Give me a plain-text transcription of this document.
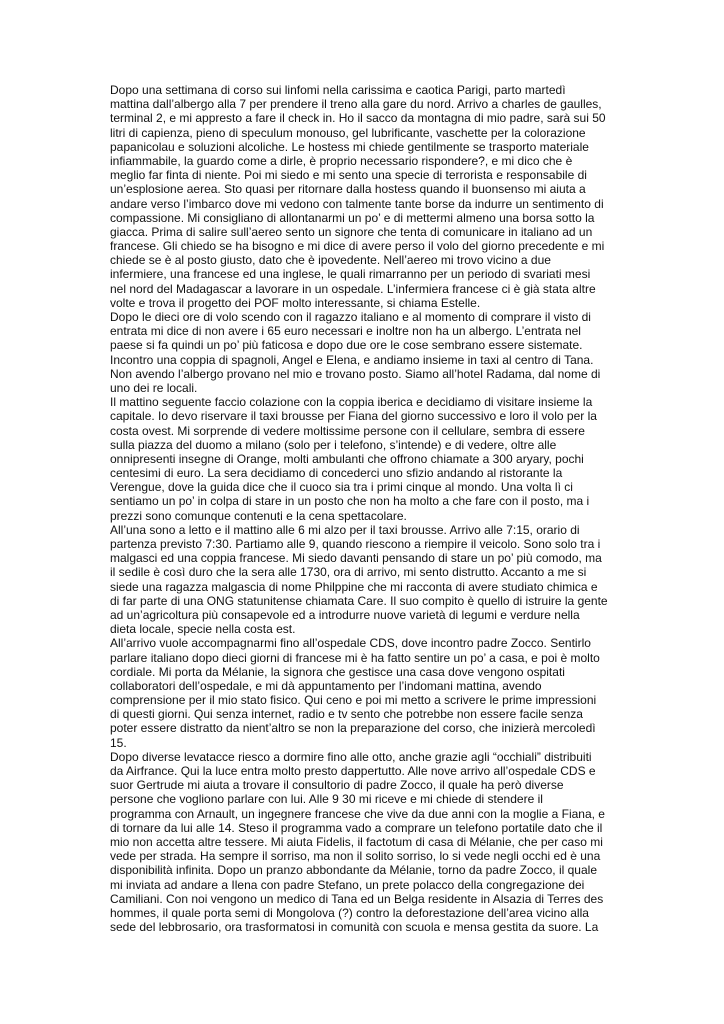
Dopo una settimana di corso sui linfomi nella carissima e caotica Parigi, parto martedì
mattina dall’albergo alla 7 per prendere il treno alla gare du nord. Arrivo a charles de gaulles,
terminal 2, e mi appresto a fare il check in. Ho il sacco da montagna di mio padre, sarà sui 50
litri di capienza, pieno di speculum monouso, gel lubrificante, vaschette per la colorazione
papanicolau e soluzioni alcoliche. Le hostess mi chiede gentilmente se trasporto materiale
infiammabile, la guardo come a dirle, è proprio necessario rispondere?, e mi dico che è
meglio far finta di niente. Poi mi siedo e mi sento una specie di terrorista e responsabile di
un’esplosione aerea. Sto quasi per ritornare dalla hostess quando il buonsenso mi aiuta a
andare verso l’imbarco dove mi vedono con talmente tante borse da indurre un sentimento di
compassione. Mi consigliano di allontanarmi un po’ e di mettermi almeno una borsa sotto la
giacca. Prima di salire sull’aereo sento un signore che tenta di comunicare in italiano ad un
francese. Gli chiedo se ha bisogno e mi dice di avere perso il volo del giorno precedente e mi
chiede se è al posto giusto, dato che è ipovedente. Nell’aereo mi trovo vicino a due
infermiere, una francese ed una inglese, le quali rimarranno per un periodo di svariati mesi
nel nord del Madagascar a lavorare in un ospedale. L’infermiera francese ci è già stata altre
volte e trova il progetto dei POF molto interessante, si chiama Estelle.
Dopo le dieci ore di volo scendo con il ragazzo italiano e al momento di comprare il visto di
entrata mi dice di non avere i 65 euro necessari e inoltre non ha un albergo. L’entrata nel
paese si fa quindi un po’ più faticosa e dopo due ore le cose sembrano essere sistemate.
Incontro una coppia di spagnoli, Angel e Elena, e andiamo insieme in taxi al centro di Tana.
Non avendo l’albergo provano nel mio e trovano posto. Siamo all’hotel Radama, dal nome di
uno dei re locali.
Il mattino seguente faccio colazione con la coppia iberica e decidiamo di visitare insieme la
capitale. Io devo riservare il taxi brousse per Fiana del giorno successivo e loro il volo per la
costa ovest. Mi sorprende di vedere moltissime persone con il cellulare, sembra di essere
sulla piazza del duomo a milano (solo per i telefono, s’intende) e di vedere, oltre alle
onnipresenti insegne di Orange, molti ambulanti che offrono chiamate a 300 aryary, pochi
centesimi di euro. La sera decidiamo di concederci uno sfizio andando al ristorante la
Verengue, dove la guida dice che il cuoco sia tra i primi cinque al mondo. Una volta lì ci
sentiamo un po’ in colpa di stare in un posto che non ha molto a che fare con il posto, ma i
prezzi sono comunque contenuti e la cena spettacolare.
All’una sono a letto e il mattino alle 6 mi alzo per il taxi brousse. Arrivo alle 7:15, orario di
partenza previsto 7:30. Partiamo alle 9, quando riescono a riempire il veicolo. Sono solo tra i
malgasci ed una coppia francese. Mi siedo davanti pensando di stare un po’ più comodo, ma
il sedile è così duro che la sera alle 1730, ora di arrivo, mi sento distrutto. Accanto a me si
siede una ragazza malgascia di nome Philppine che mi racconta di avere studiato chimica e
di far parte di una ONG statunitense chiamata Care. Il suo compito è quello di istruire la gente
ad un’agricoltura più consapevole ed a introdurre nuove varietà di legumi e verdure nella
dieta locale, specie nella costa est.
All’arrivo vuole accompagnarmi fino all’ospedale CDS, dove incontro padre Zocco. Sentirlo
parlare italiano dopo dieci giorni di francese mi è ha fatto sentire un po’ a casa, e poi è molto
cordiale. Mi porta da Mélanie, la signora che gestisce una casa dove vengono ospitati
collaboratori dell’ospedale, e mi dà appuntamento per l’indomani mattina, avendo
comprensione per il mio stato fisico. Qui ceno e poi mi metto a scrivere le prime impressioni
di questi giorni. Qui senza internet, radio e tv sento che potrebbe non essere facile senza
poter essere distratto da nient’altro se non la preparazione del corso, che inizierà mercoledì
15.
Dopo diverse levatacce riesco a dormire fino alle otto, anche grazie agli “occhiali” distribuiti
da Airfrance. Qui la luce entra molto presto dappertutto. Alle nove arrivo all’ospedale CDS e
suor Gertrude mi aiuta a trovare il consultorio di padre Zocco, il quale ha però diverse
persone che vogliono parlare con lui. Alle 9 30 mi riceve e mi chiede di stendere il
programma con Arnault, un ingegnere francese che vive da due anni con la moglie a Fiana, e
di tornare da lui alle 14. Steso il programma vado a comprare un telefono portatile dato che il
mio non accetta altre tessere. Mi aiuta Fidelis, il factotum di casa di Mélanie, che per caso mi
vede per strada. Ha sempre il sorriso, ma non il solito sorriso, lo si vede negli occhi ed è una
disponibilità infinita. Dopo un pranzo abbondante da Mélanie, torno da padre Zocco, il quale
mi inviata ad andare a Ilena con padre Stefano, un prete polacco della congregazione dei
Camiliani. Con noi vengono un medico di Tana ed un Belga residente in Alsazia di Terres des
hommes, il quale porta semi di Mongolova (?) contro la deforestazione dell’area vicino alla
sede del lebbrosario, ora trasformatosi in comunità con scuola e mensa gestita da suore. La
